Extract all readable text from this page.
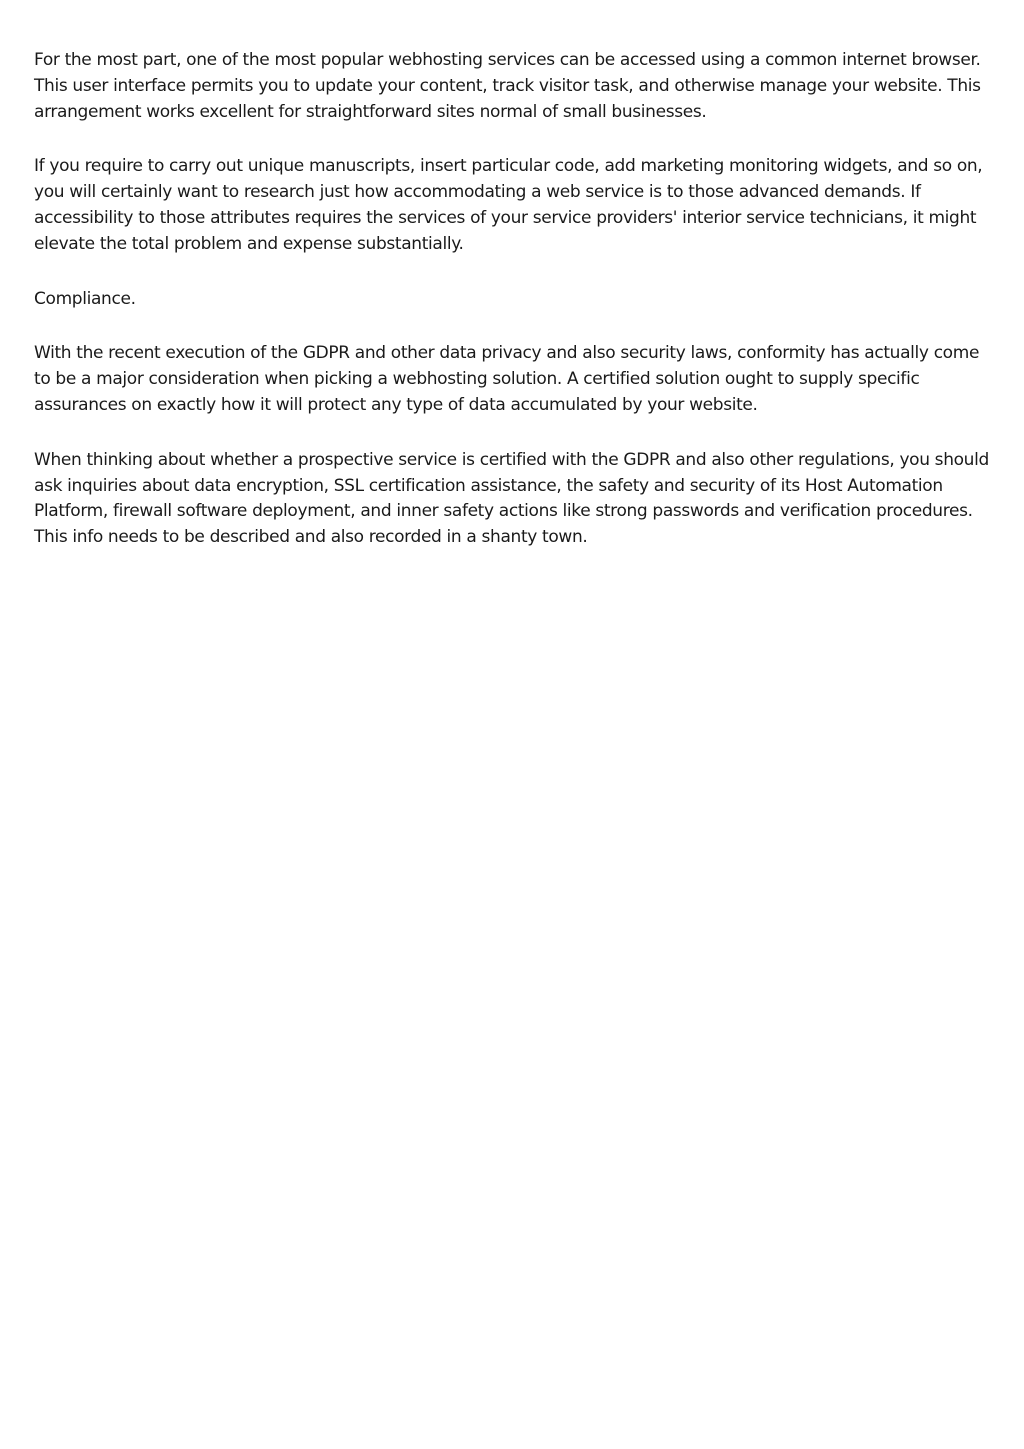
For the most part, one of the most popular webhosting services can be accessed using a common internet browser. This user interface permits you to update your content, track visitor task, and otherwise manage your website. This arrangement works excellent for straightforward sites normal of small businesses.

If you require to carry out unique manuscripts, insert particular code, add marketing monitoring widgets, and so on, you will certainly want to research just how accommodating a web service is to those advanced demands. If accessibility to those attributes requires the services of your service providers' interior service technicians, it might elevate the total problem and expense substantially.

Compliance.

With the recent execution of the GDPR and other data privacy and also security laws, conformity has actually come to be a major consideration when picking a webhosting solution. A certified solution ought to supply specific assurances on exactly how it will protect any type of data accumulated by your website.

When thinking about whether a prospective service is certified with the GDPR and also other regulations, you should ask inquiries about data encryption, SSL certification assistance, the safety and security of its Host Automation Platform, firewall software deployment, and inner safety actions like strong passwords and verification procedures. This info needs to be described and also recorded in a shanty town.
